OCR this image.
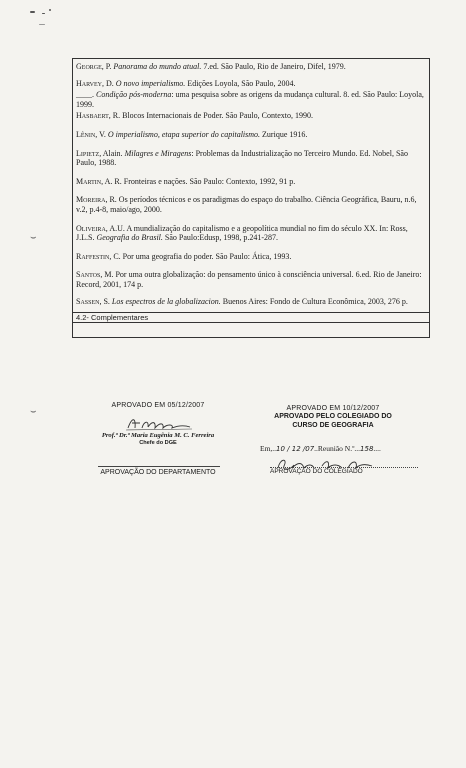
George, P. Panorama do mundo atual. 7.ed. São Paulo, Rio de Janeiro, Difel, 1979.
Harvey, D. O novo imperialismo. Edições Loyola, São Paulo, 2004.
____. Condição pós-moderna: uma pesquisa sobre as origens da mudança cultural. 8. ed. São Paulo: Loyola, 1999.
Hasbaert, R. Blocos Internacionais de Poder. São Paulo, Contexto, 1990.
Lênin, V. O imperialismo, etapa superior do capitalismo. Zurique 1916.
Lipietz, Alain. Milagres e Miragens: Problemas da Industrialização no Terceiro Mundo. Ed. Nobel, São Paulo, 1988.
Martin, A. R. Fronteiras e nações. São Paulo: Contexto, 1992, 91 p.
Moreira, R. Os períodos técnicos e os paradigmas do espaço do trabalho. Ciência Geográfica, Bauru, n.6, v.2, p.4-8, maio/ago, 2000.
Oliveira, A.U. A mundialização do capitalismo e a geopolítica mundial no fim do século XX. In: Ross, J.L.S. Geografia do Brasil. São Paulo:Edusp, 1998, p.241-287.
Raffestin, C. Por uma geografia do poder. São Paulo: Ática, 1993.
Santos, M. Por uma outra globalização: do pensamento único à consciência universal. 6.ed. Rio de Janeiro: Record, 2001, 174 p.
Sassen, S. Los espectros de la globalizacion. Buenos Aires: Fondo de Cultura Econômica, 2003, 276 p.
4.2- Complementares
⌣
⌣
APROVADO EM 05/12/2007
Prof.ª Dr.ª Maria Eugênia M. C. Ferreira
Chefe do DGE
APROVAÇÃO DO DEPARTAMENTO
APROVADO EM 10/12/2007
APROVADO PELO COLEGIADO DO
CURSO DE GEOGRAFIA
Em,..10 / 12 /07..Reunião N.º...158....
APROVAÇÃO DO COLEGIADO
